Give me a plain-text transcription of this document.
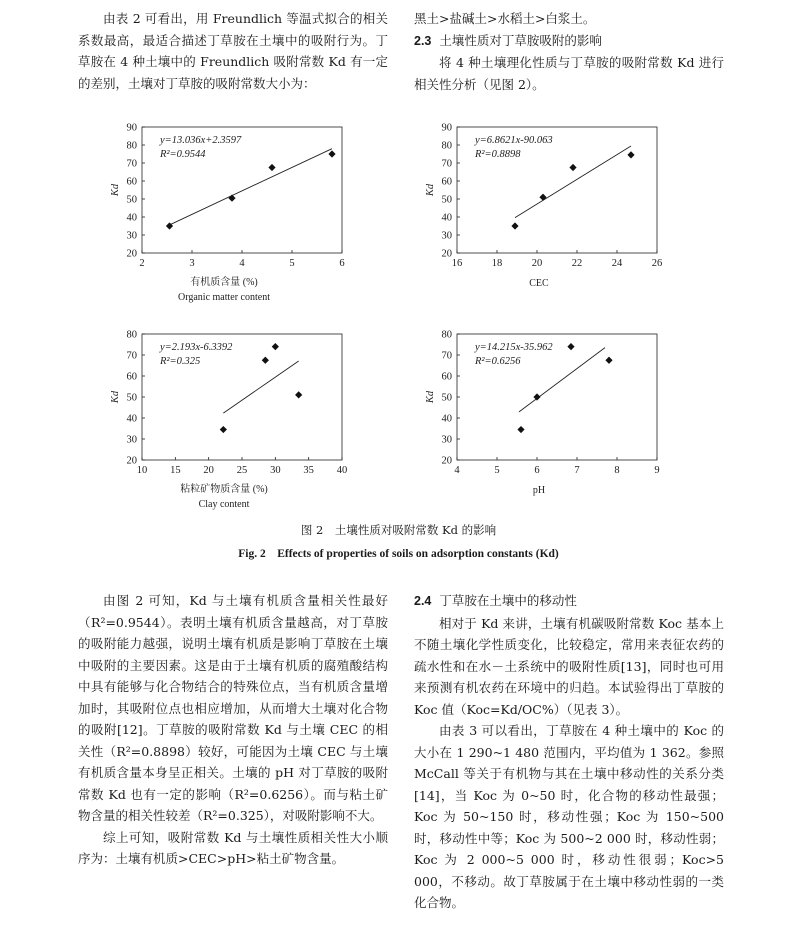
由表 2 可看出，用 Freundlich 等温式拟合的相关系数最高，最适合描述丁草胺在土壤中的吸附行为。丁草胺在 4 种土壤中的 Freundlich 吸附常数 Kd 有一定的差别，土壤对丁草胺的吸附常数大小为：

黑土>盐碱土>水稻土>白浆土。

2.3 土壤性质对丁草胺吸附的影响

将 4 种土壤理化性质与丁草胺的吸附常数 Kd 进行相关性分析（见图 2）。

2	3	4	5	6
20
30
40
50
60
70
80
90
Kd
有机质含量 (%)
Organic matter content
y=13.036x+2.3597
R²=0.9544
16	18	20	22	24	26
20
30
40
50
60
70
80
90
Kd
CEC
y=6.8621x-90.063
R²=0.8898
10 15 20 25 30 35 40
20
30
40
50
60
70
80
Kd
粘粒矿物质含量 (%)
Clay content
y=2.193x-6.3392
R²=0.325
4	5	6	7	8	9
20
30
40
50
60
70
80
Kd
pH
y=14.215x-35.962
R²=0.6256
图 2　土壤性质对吸附常数 Kd 的影响
Fig. 2　Effects of properties of soils on adsorption constants (Kd)

由图 2 可知，Kd 与土壤有机质含量相关性最好（R²=0.9544）。表明土壤有机质含量越高，对丁草胺的吸附能力越强，说明土壤有机质是影响丁草胺在土壤中吸附的主要因素。这是由于土壤有机质的腐殖酸结构中具有能够与化合物结合的特殊位点，当有机质含量增加时，其吸附位点也相应增加，从而增大土壤对化合物的吸附[12]。丁草胺的吸附常数 Kd 与土壤 CEC 的相关性（R²=0.8898）较好，可能因为土壤 CEC 与土壤有机质含量本身呈正相关。土壤的 pH 对丁草胺的吸附常数 Kd 也有一定的影响（R²=0.6256）。而与粘土矿物含量的相关性较差（R²=0.325），对吸附影响不大。

综上可知，吸附常数 Kd 与土壤性质相关性大小顺序为：土壤有机质>CEC>pH>粘土矿物含量。

2.4 丁草胺在土壤中的移动性

相对于 Kd 来讲，土壤有机碳吸附常数 Koc 基本上不随土壤化学性质变化，比较稳定，常用来表征农药的疏水性和在水－土系统中的吸附性质[13]，同时也可用来预测有机农药在环境中的归趋。本试验得出丁草胺的 Koc 值（Koc=Kd/OC%）（见表 3）。

由表 3 可以看出，丁草胺在 4 种土壤中的 Koc 的大小在 1 290~1 480 范围内，平均值为 1 362。参照 McCall 等关于有机物与其在土壤中移动性的关系分类[14]，当 Koc 为 0~50 时，化合物的移动性最强；Koc 为 50~150 时，移动性强；Koc 为 150~500 时，移动性中等；Koc 为 500~2 000 时，移动性弱；Koc 为 2 000~5 000 时，移动性很弱；Koc>5 000，不移动。故丁草胺属于在土壤中移动性弱的一类化合物。
